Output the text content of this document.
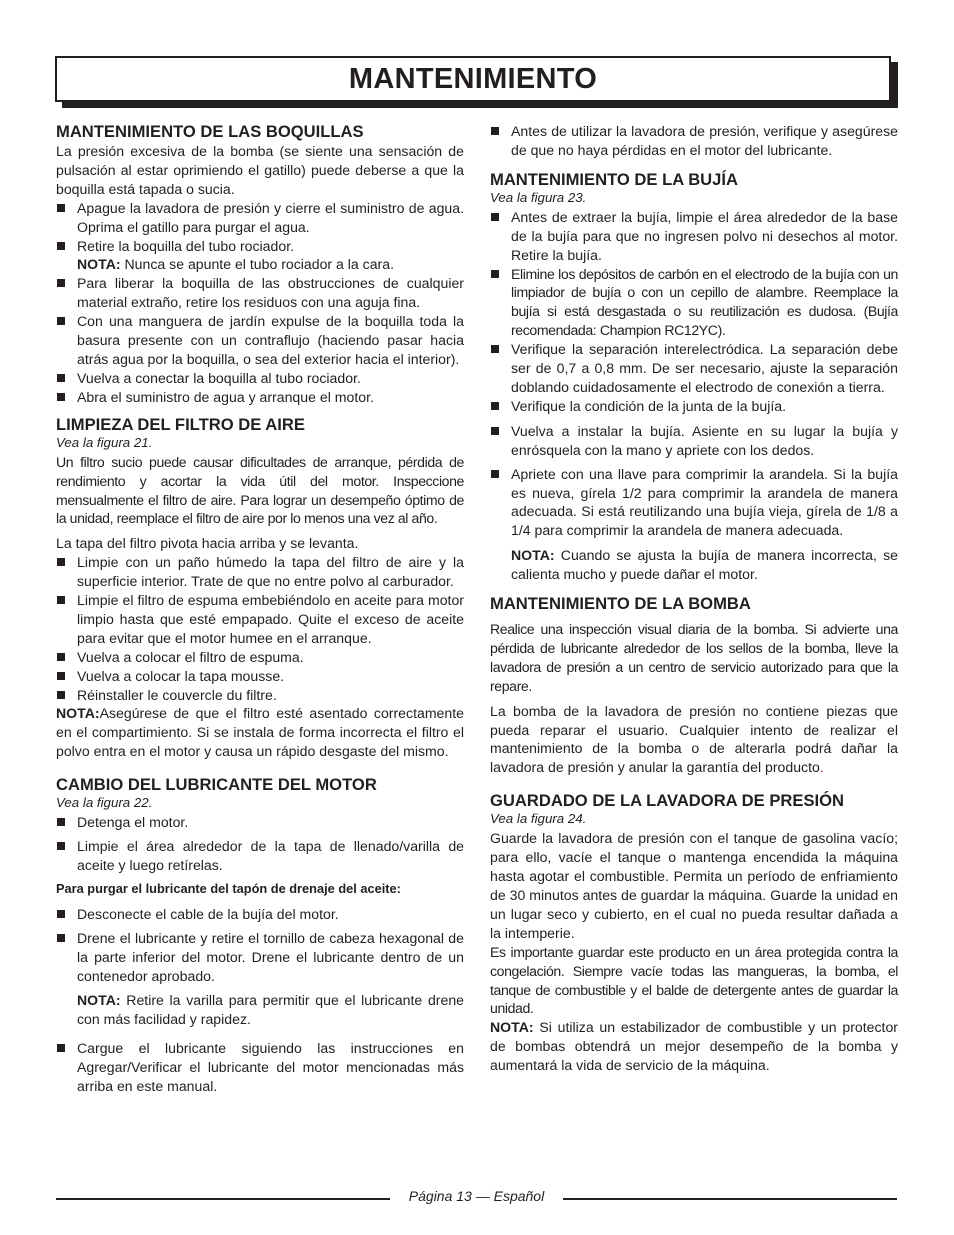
MANTENIMIENTO
MANTENIMIENTO DE LAS BOQUILLAS

La presión excesiva de la bomba (se siente una sensación de pulsación al estar oprimiendo el gatillo) puede deberse a que la boquilla está tapada o sucia.

Apague la lavadora de presión y cierre el suministro de agua. Oprima el gatillo para purgar el agua.
Retire la boquilla del tubo rociador.
NOTA: Nunca se apunte el tubo rociador a la cara.
Para liberar la boquilla de las obstrucciones de cualquier material extraño, retire los residuos con una aguja fina.
Con una manguera de jardín expulse de la boquilla toda la basura presente con un contraflujo (haciendo pasar hacia atrás agua por la boquilla, o sea del exterior hacia el interior).
Vuelva a conectar la boquilla al tubo rociador.
Abra el suministro de agua y arranque el motor.
LIMPIEZA DEL FILTRO DE AIRE
Vea la figura 21.

Un filtro sucio puede causar dificultades de arranque, pérdida de rendimiento y acortar la vida útil del motor. Inspeccione mensualmente el filtro de aire. Para lograr un desempeño óptimo de la unidad, reemplace el filtro de aire por lo menos una vez al año.

La tapa del filtro pivota hacia arriba y se levanta.

Limpie con un paño húmedo la tapa del filtro de aire y la superficie interior. Trate de que no entre polvo al carburador.
Limpie el filtro de espuma embebiéndolo en aceite para motor limpio hasta que esté empapado. Quite el exceso de aceite para evitar que el motor humee en el arranque.
Vuelva a colocar el filtro de espuma.
Vuelva a colocar la tapa mousse.
Réinstaller le couvercle du filtre.

NOTA:Asegúrese de que el filtro esté asentado correctamente en el compartimiento. Si se instala de forma incorrecta el filtro el polvo entra en el motor y causa un rápido desgaste del mismo.

CAMBIO DEL LUBRICANTE DEL MOTOR
Vea la figura 22.
Detenga el motor.
Limpie el área alrededor de la tapa de llenado/varilla de aceite y luego retírelas.

Para purgar el lubricante del tapón de drenaje del aceite:

Desconecte el cable de la bujía del motor.
Drene el lubricante y retire el tornillo de cabeza hexagonal de la parte inferior del motor. Drene el lubricante dentro de un contenedor aprobado.
NOTA: Retire la varilla para permitir que el lubricante drene con más facilidad y rapidez.
Cargue el lubricante siguiendo las instrucciones en Agregar/Verificar el lubricante del motor mencionadas más arriba en este manual.
Antes de utilizar la lavadora de presión, verifique y asegúrese de que no haya pérdidas en el motor del lubricante.
MANTENIMIENTO DE LA BUJÍA
Vea la figura 23.
Antes de extraer la bujía, limpie el área alrededor de la base de la bujía para que no ingresen polvo ni desechos al motor. Retire la bujía.
Elimine los depósitos de carbón en el electrodo de la bujía con un limpiador de bujía o con un cepillo de alambre. Reemplace la bujía si está desgastada o su reutilización es dudosa. (Bujía recomendada: Champion RC12YC).
Verifique la separación interelectródica. La separación debe ser de 0,7 a 0,8 mm. De ser necesario, ajuste la separación doblando cuidadosamente el electrodo de conexión a tierra.
Verifique la condición de la junta de la bujía.
Vuelva a instalar la bujía. Asiente en su lugar la bujía y enrósquela con la mano y apriete con los dedos.
Apriete con una llave para comprimir la arandela. Si la bujía es nueva, gírela 1/2 para comprimir la arandela de manera adecuada. Si está reutilizando una bujía vieja, gírela de 1/8 a 1/4 para comprimir la arandela de manera adecuada.
NOTA: Cuando se ajusta la bujía de manera incorrecta, se calienta mucho y puede dañar el motor.
MANTENIMIENTO DE LA BOMBA

Realice una inspección visual diaria de la bomba. Si advierte una pérdida de lubricante alrededor de los sellos de la bomba, lleve la lavadora de presión a un centro de servicio autorizado para que la repare.

La bomba de la lavadora de presión no contiene piezas que pueda reparar el usuario. Cualquier intento de realizar el mantenimiento de la bomba o de alterarla podrá dañar la lavadora de presión y anular la garantía del producto.

GUARDADO DE LA LAVADORA DE PRESIÓN
Vea la figura 24.

Guarde la lavadora de presión con el tanque de gasolina vacío; para ello, vacíe el tanque o mantenga encendida la máquina hasta agotar el combustible. Permita un período de enfriamiento de 30 minutos antes de guardar la máquina. Guarde la unidad en un lugar seco y cubierto, en el cual no pueda resultar dañada a la intemperie.

Es importante guardar este producto en un área protegida contra la congelación. Siempre vacíe todas las mangueras, la bomba, el tanque de combustible y el balde de detergente antes de guardar la unidad.

NOTA: Si utiliza un estabilizador de combustible y un protector de bombas obtendrá un mejor desempeño de la bomba y aumentará la vida de servicio de la máquina.

Página 13 — Español
